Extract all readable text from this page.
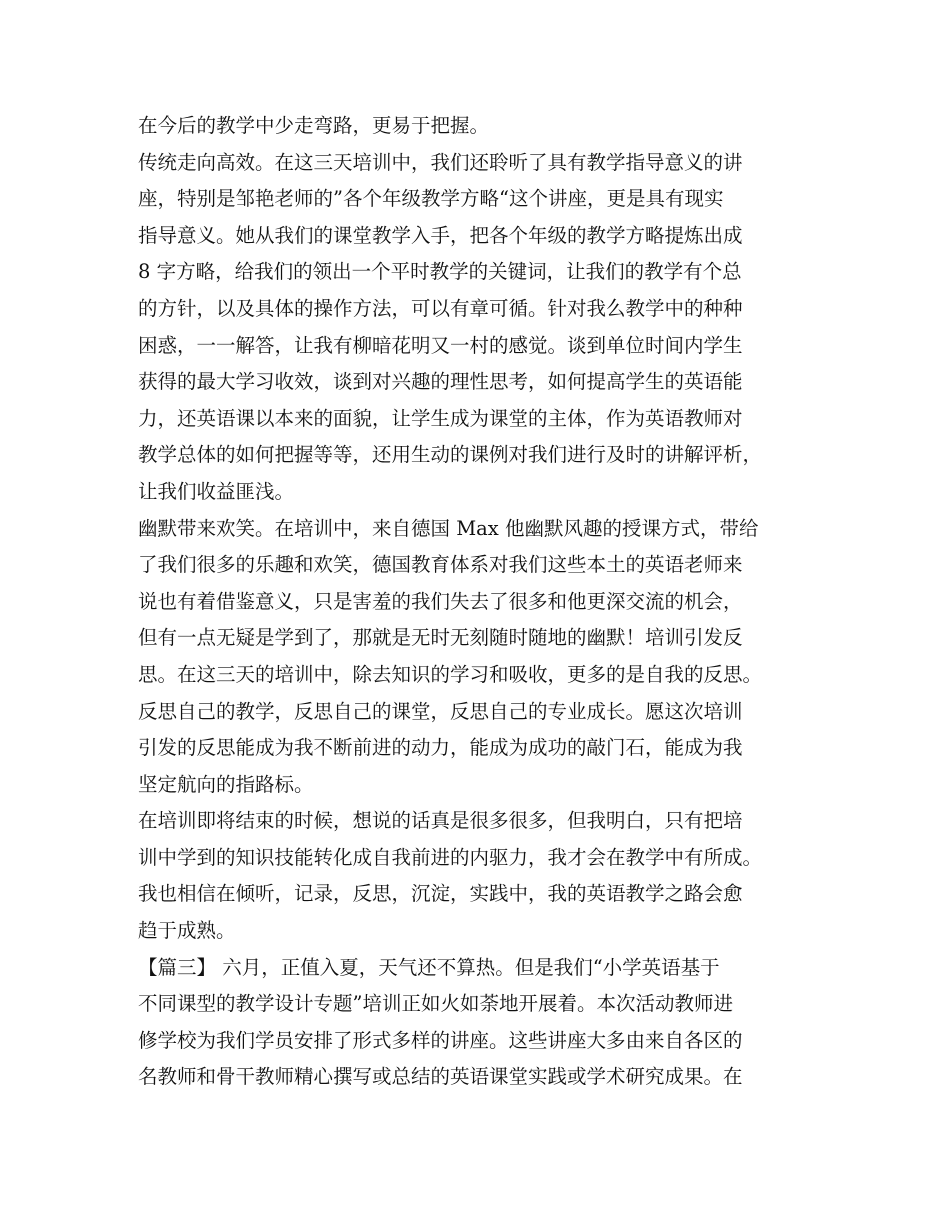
在今后的教学中少走弯路，更易于把握。
传统走向高效。在这三天培训中，我们还聆听了具有教学指导意义的讲
座，特别是邹艳老师的”各个年级教学方略“这个讲座，更是具有现实
指导意义。她从我们的课堂教学入手，把各个年级的教学方略提炼出成
8 字方略，给我们的领出一个平时教学的关键词，让我们的教学有个总
的方针，以及具体的操作方法，可以有章可循。针对我么教学中的种种
困惑，一一解答，让我有柳暗花明又一村的感觉。谈到单位时间内学生
获得的最大学习收效，谈到对兴趣的理性思考，如何提高学生的英语能
力，还英语课以本来的面貌，让学生成为课堂的主体，作为英语教师对
教学总体的如何把握等等，还用生动的课例对我们进行及时的讲解评析，
让我们收益匪浅。
幽默带来欢笑。在培训中，来自德国 Max 他幽默风趣的授课方式，带给
了我们很多的乐趣和欢笑，德国教育体系对我们这些本土的英语老师来
说也有着借鉴意义，只是害羞的我们失去了很多和他更深交流的机会，
但有一点无疑是学到了，那就是无时无刻随时随地的幽默！培训引发反
思。在这三天的培训中，除去知识的学习和吸收，更多的是自我的反思。
反思自己的教学，反思自己的课堂，反思自己的专业成长。愿这次培训
引发的反思能成为我不断前进的动力，能成为成功的敲门石，能成为我
坚定航向的指路标。
在培训即将结束的时候，想说的话真是很多很多，但我明白，只有把培
训中学到的知识技能转化成自我前进的内驱力，我才会在教学中有所成。
我也相信在倾听，记录，反思，沉淀，实践中，我的英语教学之路会愈
趋于成熟。
【篇三】 六月，正值入夏，天气还不算热。但是我们“小学英语基于
不同课型的教学设计专题”培训正如火如荼地开展着。本次活动教师进
修学校为我们学员安排了形式多样的讲座。这些讲座大多由来自各区的
名教师和骨干教师精心撰写或总结的英语课堂实践或学术研究成果。在
